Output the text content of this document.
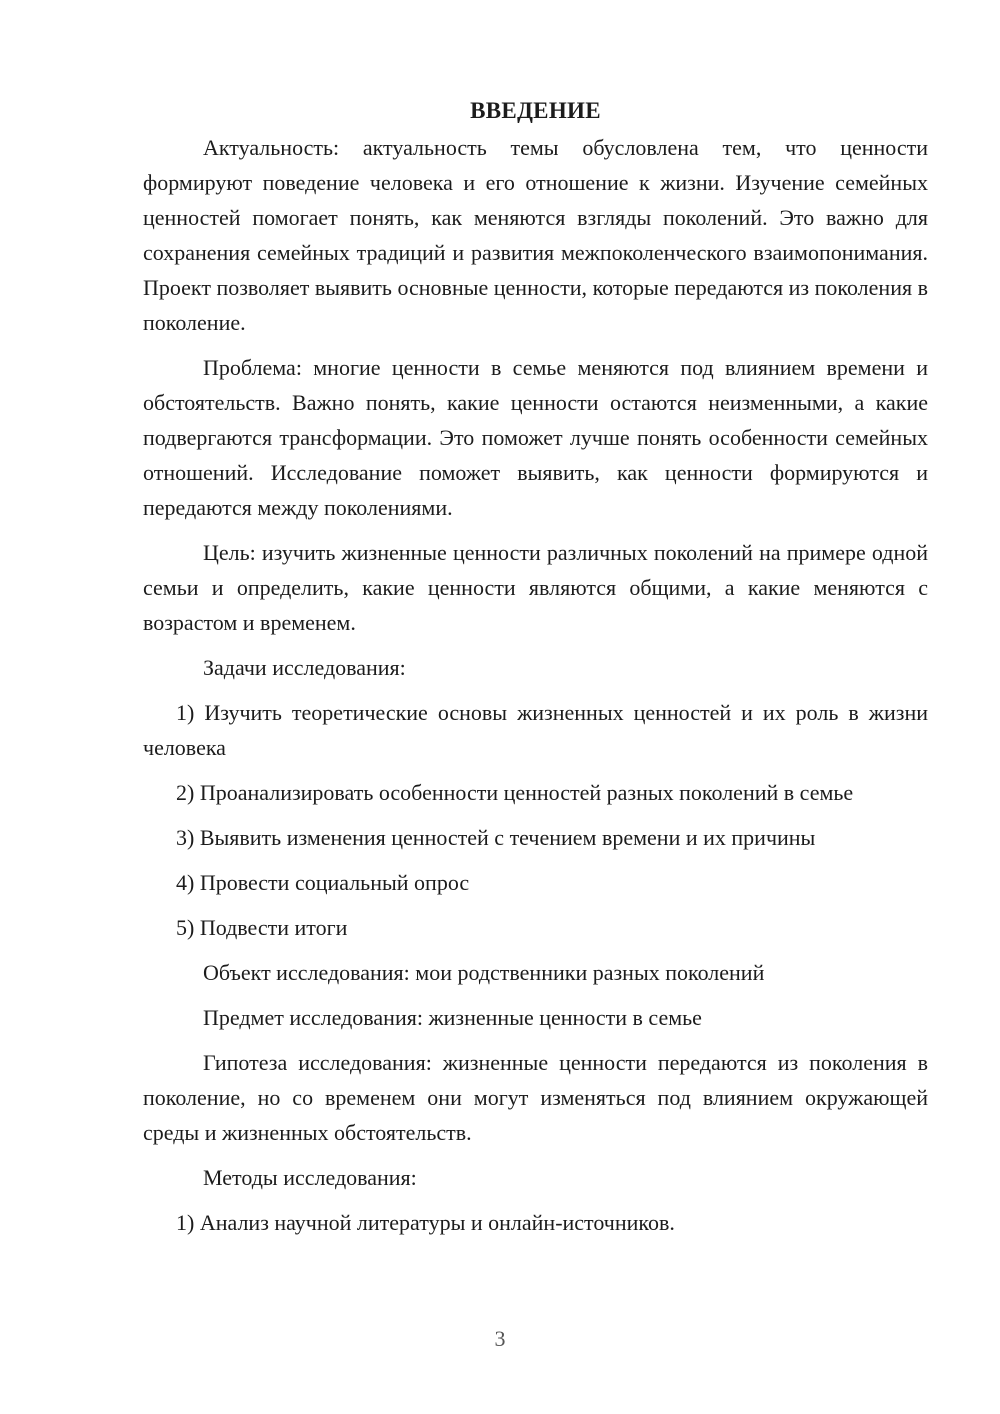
ВВЕДЕНИЕ

Актуальность: актуальность темы обусловлена тем, что ценности формируют поведение человека и его отношение к жизни. Изучение семейных ценностей помогает понять, как меняются взгляды поколений. Это важно для сохранения семейных традиций и развития межпоколенческого взаимопонимания. Проект позволяет выявить основные ценности, которые передаются из поколения в поколение.

Проблема: многие ценности в семье меняются под влиянием времени и обстоятельств. Важно понять, какие ценности остаются неизменными, а какие подвергаются трансформации. Это поможет лучше понять особенности семейных отношений. Исследование поможет выявить, как ценности формируются и передаются между поколениями.

Цель: изучить жизненные ценности различных поколений на примере одной семьи и определить, какие ценности являются общими, а какие меняются с возрастом и временем.

Задачи исследования:

1) Изучить теоретические основы жизненных ценностей и их роль в жизни человека

2) Проанализировать особенности ценностей разных поколений в семье

3) Выявить изменения ценностей с течением времени и их причины

4) Провести социальный опрос

5) Подвести итоги

Объект исследования: мои родственники разных поколений

Предмет исследования: жизненные ценности в семье

Гипотеза исследования: жизненные ценности передаются из поколения в поколение, но со временем они могут изменяться под влиянием окружающей среды и жизненных обстоятельств.

Методы исследования:

1) Анализ научной литературы и онлайн-источников.

3
